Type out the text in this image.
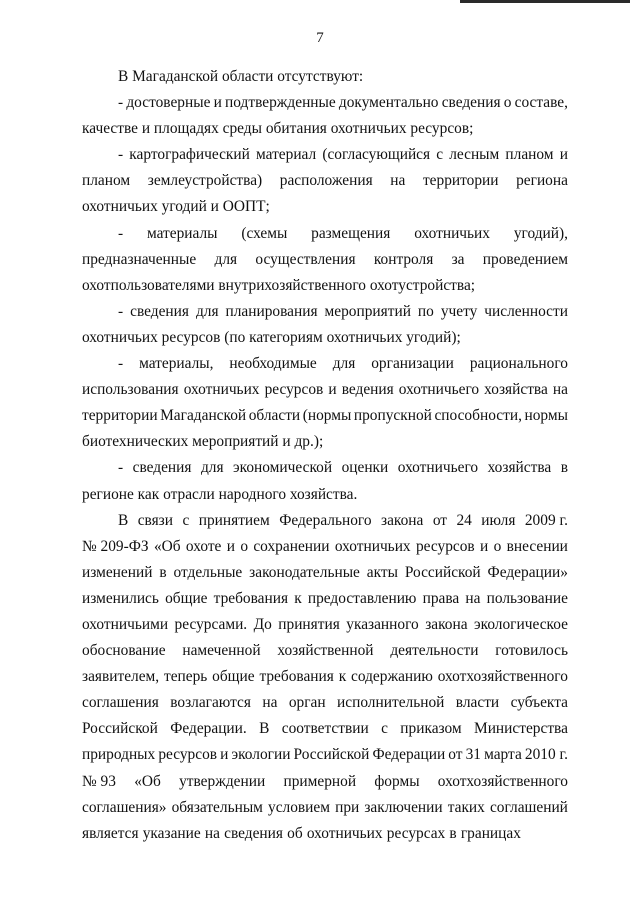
7
В Магаданской области отсутствуют:
- достоверные и подтвержденные документально сведения о составе,
качестве и площадях среды обитания охотничьих ресурсов;
- картографический материал (согласующийся с лесным планом и
планом землеустройства) расположения на территории региона
охотничьих угодий и ООПТ;
- материалы (схемы размещения охотничьих угодий),
предназначенные для осуществления контроля за проведением
охотпользователями внутрихозяйственного охотустройства;
- сведения для планирования мероприятий по учету численности
охотничьих ресурсов (по категориям охотничьих угодий);
- материалы, необходимые для организации рационального
использования охотничьих ресурсов и ведения охотничьего хозяйства на
территории Магаданской области (нормы пропускной способности, нормы
биотехнических мероприятий и др.);
- сведения для экономической оценки охотничьего хозяйства в
регионе как отрасли народного хозяйства.
В связи с принятием Федерального закона от 24 июля 2009 г.
№ 209-ФЗ «Об охоте и о сохранении охотничьих ресурсов и о внесении
изменений в отдельные законодательные акты Российской Федерации»
изменились общие требования к предоставлению права на пользование
охотничьими ресурсами. До принятия указанного закона экологическое
обоснование намеченной хозяйственной деятельности готовилось
заявителем, теперь общие требования к содержанию охотхозяйственного
соглашения возлагаются на орган исполнительной власти субъекта
Российской Федерации. В соответствии с приказом Министерства
природных ресурсов и экологии Российской Федерации от 31 марта 2010 г.
№ 93 «Об утверждении примерной формы охотхозяйственного
соглашения» обязательным условием при заключении таких соглашений
является указание на сведения об охотничьих ресурсах в границах
